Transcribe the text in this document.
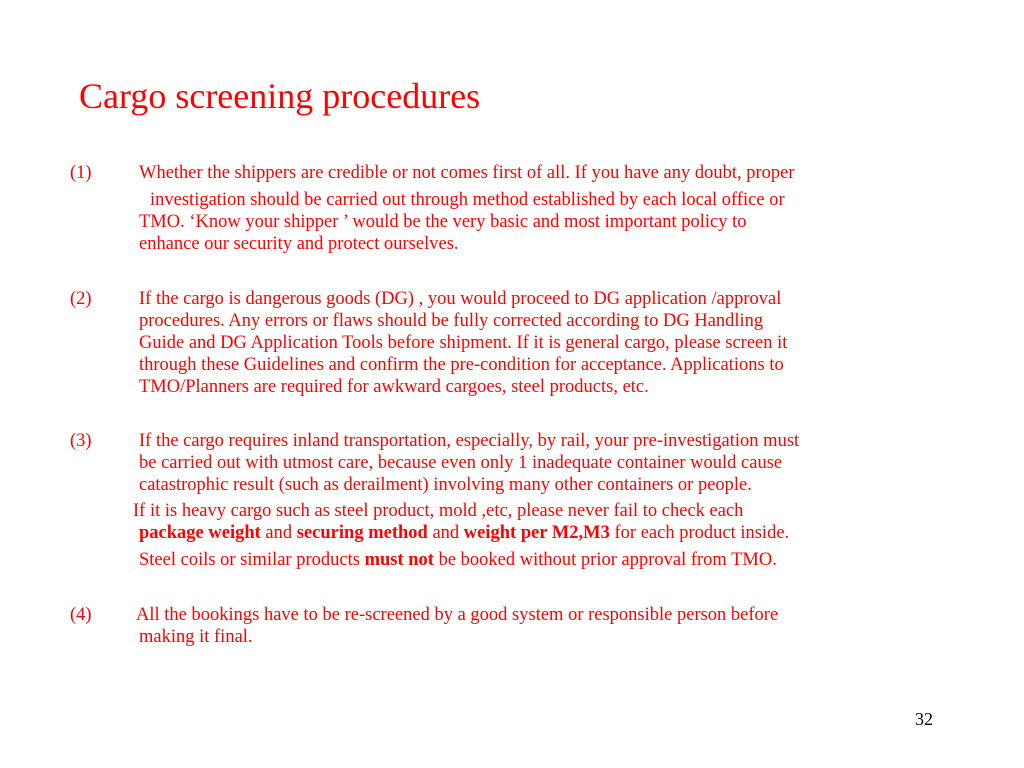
Cargo screening procedures
(1)	Whether the shippers are credible or not comes first of all. If you have any doubt, proper
investigation should be carried out through method established by each local office or
TMO. ‘Know your shipper ’ would be the very basic and most important policy to
enhance our security and protect ourselves.
(2)	If the cargo is dangerous goods (DG) , you would proceed to DG application /approval
procedures. Any errors or flaws should be fully corrected according to DG Handling
Guide and DG Application Tools before shipment. If it is general cargo, please screen it
through these Guidelines and confirm the pre-condition for acceptance. Applications to
TMO/Planners are required for awkward cargoes, steel products, etc.
(3)	If the cargo requires inland transportation, especially, by rail, your pre-investigation must
be carried out with utmost care, because even only 1 inadequate container would cause
catastrophic result (such as derailment) involving many other containers or people.
If it is heavy cargo such as steel product, mold ,etc, please never fail to check each
package weight and securing method and weight per M2,M3 for each product inside.
Steel coils or similar products must not be booked without prior approval from TMO.
(4) All the bookings have to be re-screened by a good system or responsible person before
making it final.
32
